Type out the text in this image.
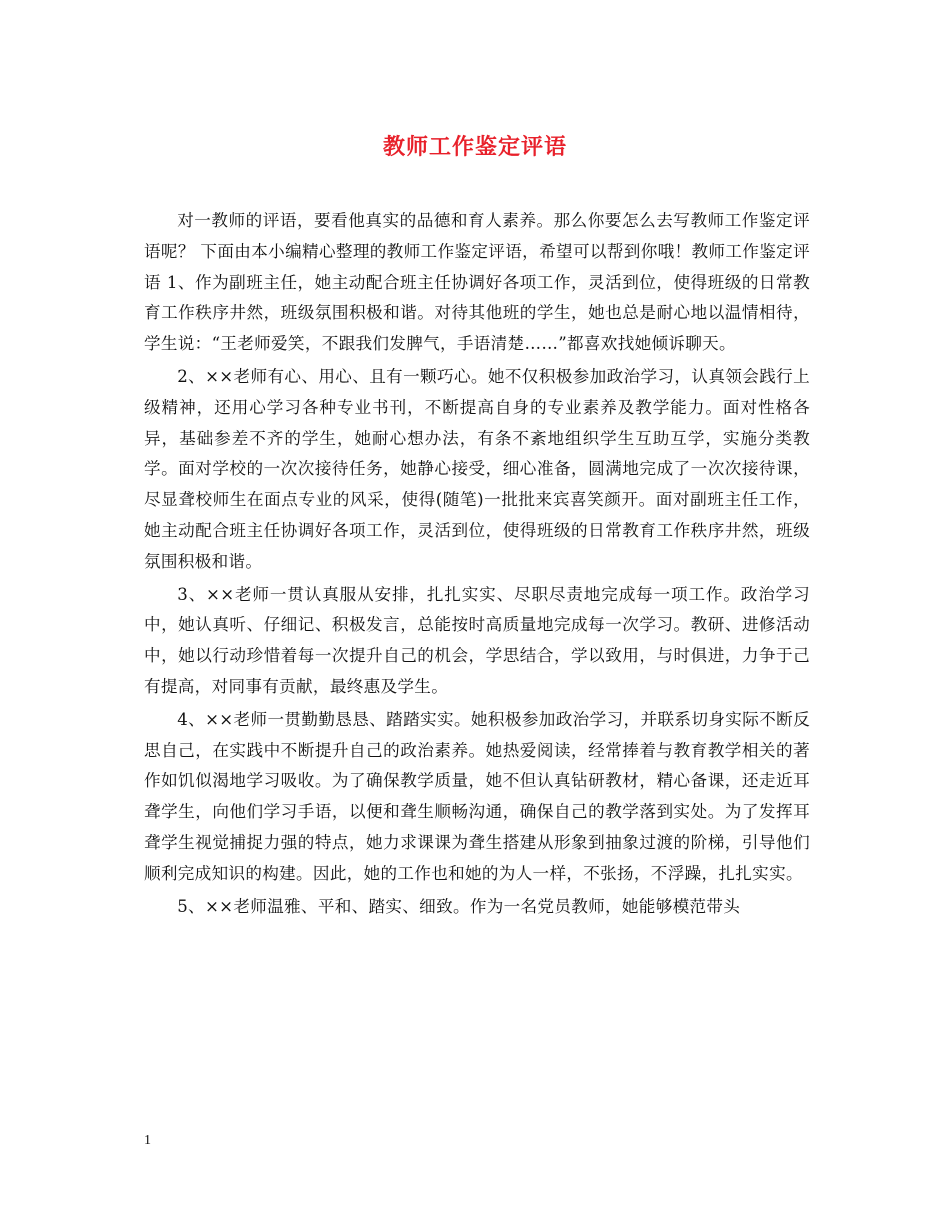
教师工作鉴定评语

对一教师的评语，要看他真实的品德和育人素养。那么你要怎么去写教师工作鉴定评语呢？ 下面由本小编精心整理的教师工作鉴定评语，希望可以帮到你哦！教师工作鉴定评语 1、作为副班主任，她主动配合班主任协调好各项工作，灵活到位，使得班级的日常教育工作秩序井然，班级氛围积极和谐。对待其他班的学生，她也总是耐心地以温情相待，学生说：“王老师爱笑，不跟我们发脾气，手语清楚……”都喜欢找她倾诉聊天。

2、××老师有心、用心、且有一颗巧心。她不仅积极参加政治学习，认真领会践行上级精神，还用心学习各种专业书刊，不断提高自身的专业素养及教学能力。面对性格各异，基础参差不齐的学生，她耐心想办法，有条不紊地组织学生互助互学，实施分类教学。面对学校的一次次接待任务，她静心接受，细心准备，圆满地完成了一次次接待课，尽显聋校师生在面点专业的风采，使得(随笔)一批批来宾喜笑颜开。面对副班主任工作，她主动配合班主任协调好各项工作，灵活到位，使得班级的日常教育工作秩序井然，班级氛围积极和谐。

3、××老师一贯认真服从安排，扎扎实实、尽职尽责地完成每一项工作。政治学习中，她认真听、仔细记、积极发言，总能按时高质量地完成每一次学习。教研、进修活动中，她以行动珍惜着每一次提升自己的机会，学思结合，学以致用，与时俱进，力争于己有提高，对同事有贡献，最终惠及学生。

4、××老师一贯勤勤恳恳、踏踏实实。她积极参加政治学习，并联系切身实际不断反思自己，在实践中不断提升自己的政治素养。她热爱阅读，经常捧着与教育教学相关的著作如饥似渴地学习吸收。为了确保教学质量，她不但认真钻研教材，精心备课，还走近耳聋学生，向他们学习手语，以便和聋生顺畅沟通，确保自己的教学落到实处。为了发挥耳聋学生视觉捕捉力强的特点，她力求课课为聋生搭建从形象到抽象过渡的阶梯，引导他们顺利完成知识的构建。因此，她的工作也和她的为人一样，不张扬，不浮躁，扎扎实实。

5、××老师温雅、平和、踏实、细致。作为一名党员教师，她能够模范带头

1
